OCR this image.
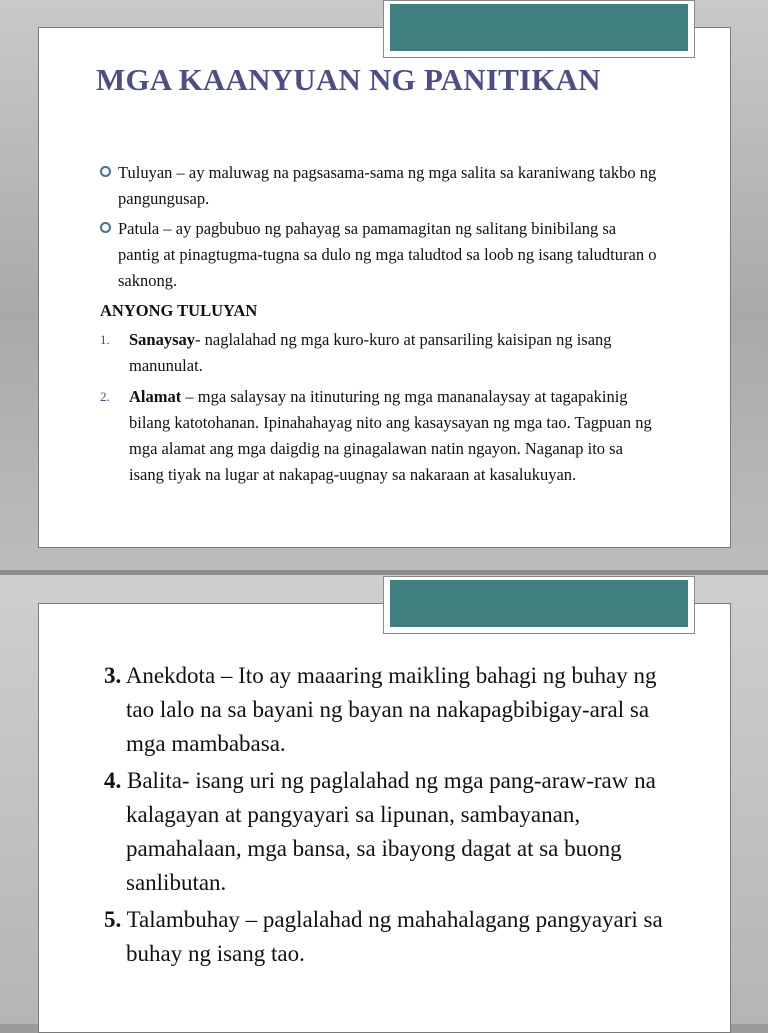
MGA KAANYUAN NG PANITIKAN
Tuluyan – ay maluwag na pagsasama-sama ng mga salita sa karaniwang takbo ng pangungusap.
Patula – ay pagbubuo ng pahayag sa pamamagitan ng salitang binibilang sa pantig at pinagtugma-tugna sa dulo ng mga taludtod sa loob ng isang taludturan o saknong.
ANYONG TULUYAN
1. Sanaysay- naglalahad ng mga kuro-kuro at pansariling kaisipan ng isang manunulat.
2. Alamat – mga salaysay na itinuturing ng mga mananalaysay at tagapakinig bilang katotohanan. Ipinahahayag nito ang kasaysayan ng mga tao. Tagpuan ng mga alamat ang mga daigdig na ginagalawan natin ngayon. Naganap ito sa isang tiyak na lugar at nakapag-uugnay sa nakaraan at kasalukuyan.
3. Anekdota – Ito ay maaaring maikling bahagi ng buhay ng tao lalo na sa bayani ng bayan na nakapagbibigay-aral sa mga mambabasa.
4. Balita- isang uri ng paglalahad ng mga pang-araw-raw na kalagayan at pangyayari sa lipunan, sambayanan, pamahalaan, mga bansa, sa ibayong dagat at sa buong sanlibutan.
5. Talambuhay – paglalahad ng mahahalagang pangyayari sa buhay ng isang tao.
